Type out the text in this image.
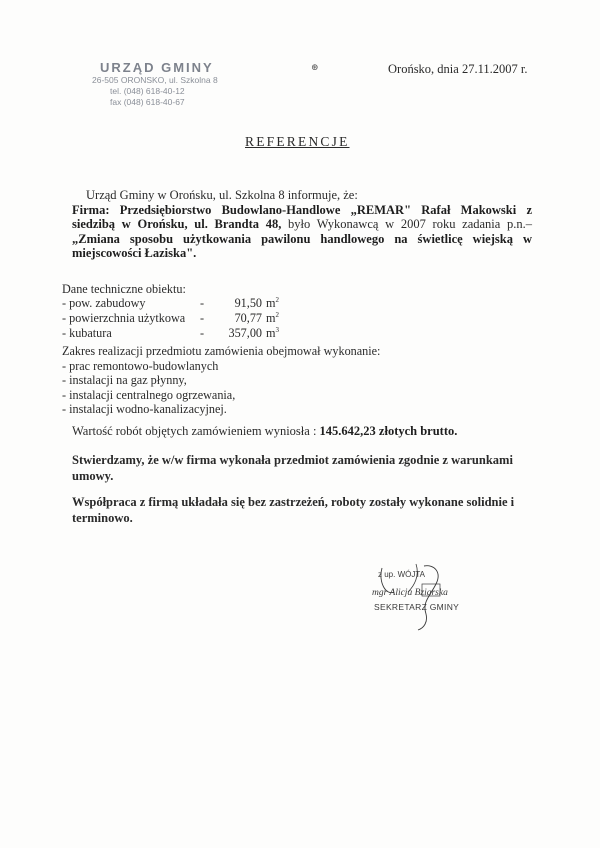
URZĄD GMINY
26-505 ORONSKO, ul. Szkolna 8
tel. (048) 618-40-12
fax (048) 618-40-67
⊛	Orońsko, dnia 27.11.2007 r.
REFERENCJE
Urząd Gminy w Orońsku, ul. Szkolna 8 informuje, że:
Firma: Przedsiębiorstwo Budowlano-Handlowe „REMAR" Rafał Makowski z siedzibą w Orońsku, ul. Brandta 48, było Wykonawcą w 2007 roku zadania p.n.– „Zmiana sposobu użytkowania pawilonu handlowego na świetlicę wiejską w miejscowości Łaziska".
Dane techniczne obiektu:
- pow. zabudowy	-	91,50 $m^2$
- powierzchnia użytkowa -	70,77 $m^2$
- kubatura	-	357,00 $m^3$
Zakres realizacji przedmiotu zamówienia obejmował wykonanie:
- prac remontowo-budowlanych
- instalacji na gaz płynny,
- instalacji centralnego ogrzewania,
- instalacji wodno-kanalizacyjnej.
Wartość robót objętych zamówieniem wyniosła : 145.642,23 złotych brutto.
Stwierdzamy, że w/w firma wykonała przedmiot zamówienia zgodnie z warunkami umowy.
Współpraca z firmą układała się bez zastrzeżeń, roboty zostały wykonane solidnie i terminowo.
z up. WÓJTA
mgr Alicja Bziarska
SEKRETARZ GMINY
